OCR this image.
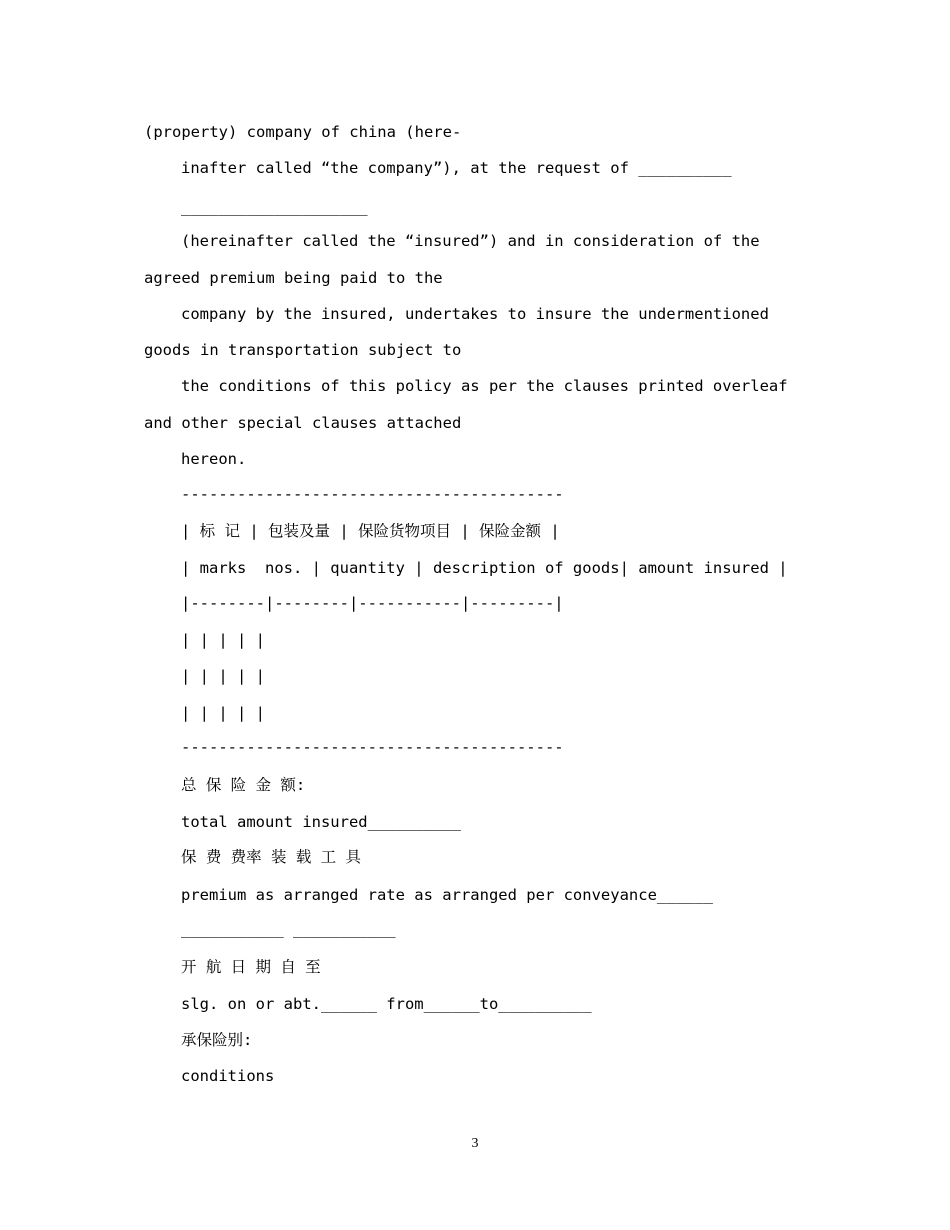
(property) company of china (here-
inafter called “the company”), at the request of __________
____________________
(hereinafter called the “insured”) and in consideration of the
agreed premium being paid to the
company by the insured, undertakes to insure the undermentioned
goods in transportation subject to
the conditions of this policy as per the clauses printed overleaf
and other special clauses attached
hereon.
-----------------------------------------
| 标 记 | 包装及量 | 保险货物项目 | 保险金额 |
| marks  nos. | quantity | description of goods| amount insured |
|--------|--------|-----------|---------|
| | | | |
| | | | |
| | | | |
-----------------------------------------
总 保 险 金 额:
total amount insured__________
保 费 费率 装 载 工 具
premium as arranged rate as arranged per conveyance______
___________ ___________
开 航 日 期 自 至
slg. on or abt.______ from______to__________
承保险别:
conditions
3
